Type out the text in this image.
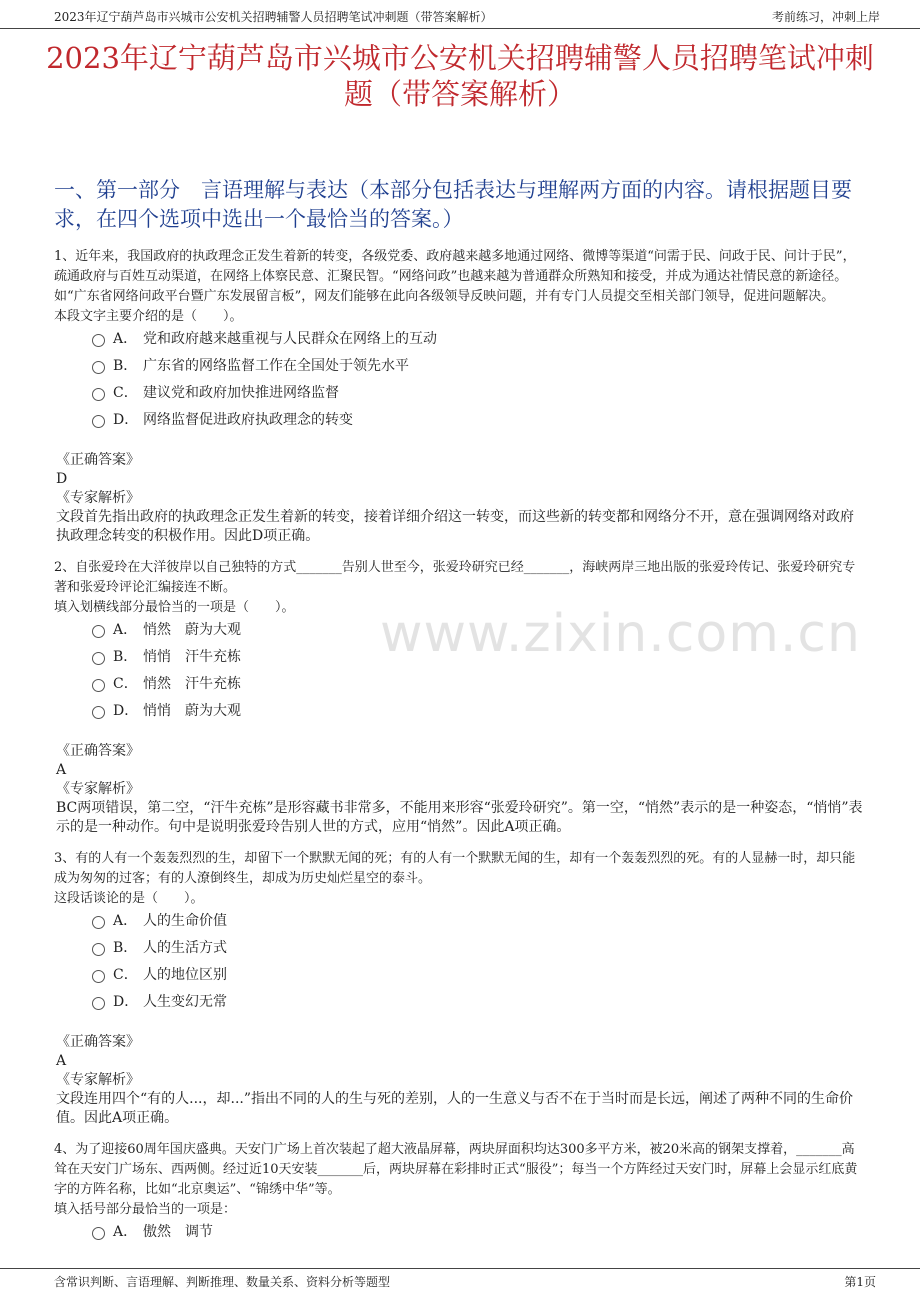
2023年辽宁葫芦岛市兴城市公安机关招聘辅警人员招聘笔试冲刺题（带答案解析）	考前练习，冲刺上岸
2023年辽宁葫芦岛市兴城市公安机关招聘辅警人员招聘笔试冲刺题（带答案解析）
一、第一部分　言语理解与表达（本部分包括表达与理解两方面的内容。请根据题目要求，在四个选项中选出一个最恰当的答案。）
www.zixin.com.cn

1、近年来，我国政府的执政理念正发生着新的转变，各级党委、政府越来越多地通过网络、微博等渠道“问需于民、问政于民、问计于民”，疏通政府与百姓互动渠道，在网络上体察民意、汇聚民智。“网络问政”也越来越为普通群众所熟知和接受，并成为通达社情民意的新途径。如“广东省网络问政平台暨广东发展留言板”，网友们能够在此向各级领导反映问题，并有专门人员提交至相关部门领导，促进问题解决。

本段文字主要介绍的是（　　）。

A． 党和政府越来越重视与人民群众在网络上的互动
B． 广东省的网络监督工作在全国处于领先水平
C． 建议党和政府加快推进网络监督
D． 网络监督促进政府执政理念的转变
《正确答案》
D
《专家解析》
文段首先指出政府的执政理念正发生着新的转变，接着详细介绍这一转变，而这些新的转变都和网络分不开，意在强调网络对政府执政理念转变的积极作用。因此D项正确。

2、自张爱玲在大洋彼岸以自己独特的方式_______告别人世至今，张爱玲研究已经_______，海峡两岸三地出版的张爱玲传记、张爱玲研究专著和张爱玲评论汇编接连不断。

填入划横线部分最恰当的一项是（　　）。

A． 悄然　蔚为大观
B． 悄悄　汗牛充栋
C． 悄然　汗牛充栋
D． 悄悄　蔚为大观
《正确答案》
A
《专家解析》
BC两项错误，第二空，“汗牛充栋”是形容藏书非常多，不能用来形容“张爱玲研究”。第一空，“悄然”表示的是一种姿态，“悄悄”表示的是一种动作。句中是说明张爱玲告别人世的方式，应用“悄然”。因此A项正确。

3、有的人有一个轰轰烈烈的生，却留下一个默默无闻的死；有的人有一个默默无闻的生，却有一个轰轰烈烈的死。有的人显赫一时，却只能成为匆匆的过客；有的人潦倒终生，却成为历史灿烂星空的泰斗。

这段话谈论的是（　　）。

A． 人的生命价值
B． 人的生活方式
C． 人的地位区别
D． 人生变幻无常
《正确答案》
A
《专家解析》
文段连用四个“有的人...，却...”指出不同的人的生与死的差别，人的一生意义与否不在于当时而是长远，阐述了两种不同的生命价值。因此A项正确。

4、为了迎接60周年国庆盛典。天安门广场上首次装起了超大液晶屏幕，两块屏面积均达300多平方米，被20米高的钢架支撑着，_______高耸在天安门广场东、西两侧。经过近10天安装_______后，两块屏幕在彩排时正式“服役”；每当一个方阵经过天安门时，屏幕上会显示红底黄字的方阵名称，比如“北京奥运”、“锦绣中华”等。

填入括号部分最恰当的一项是：

A． 傲然　调节
含常识判断、言语理解、判断推理、数量关系、资料分析等题型	第1页
